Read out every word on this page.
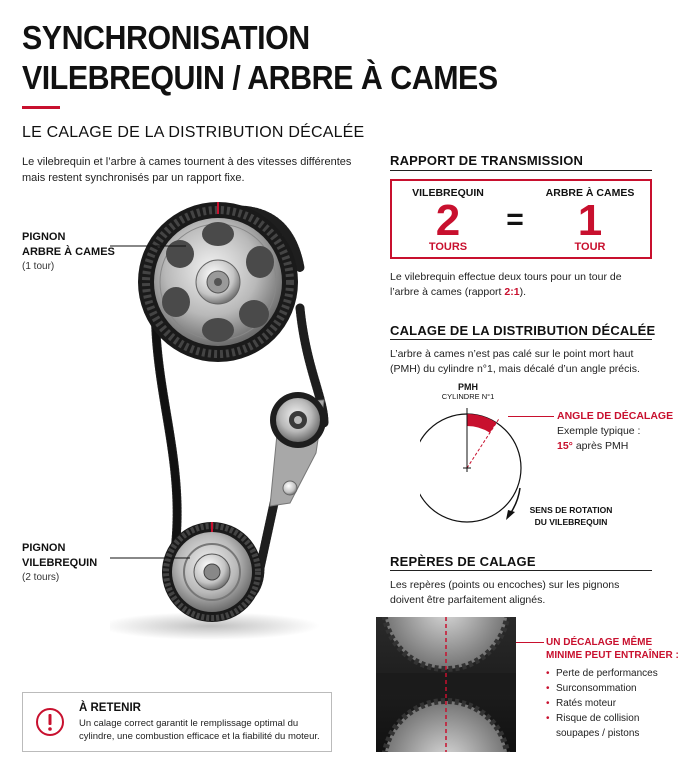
SYNCHRONISATION
VILEBREQUIN / ARBRE À CAMES
LE CALAGE DE LA DISTRIBUTION DÉCALÉE
Le vilebrequin et l’arbre à cames tournent à des vitesses différentes mais restent synchronisés par un rapport fixe.
PIGNON
ARBRE À CAMES
(1 tour)
PIGNON
VILEBREQUIN
(2 tours)
RAPPORT DE TRANSMISSION
VILEBREQUIN
2
TOURS
=
ARBRE À CAMES
1
TOUR
Le vilebrequin effectue deux tours pour un tour de l’arbre à cames (rapport 2:1).
CALAGE DE LA DISTRIBUTION DÉCALÉE
L’arbre à cames n’est pas calé sur le point mort haut (PMH) du cylindre n°1, mais décalé d’un angle précis.
PMH
CYLINDRE N°1
ANGLE DE DÉCALAGE
Exemple typique :
15° après PMH
SENS DE ROTATION
DU VILEBREQUIN
REPÈRES DE CALAGE
Les repères (points ou encoches) sur les pignons doivent être parfaitement alignés.
UN DÉCALAGE MÊME
MINIME PEUT ENTRAÎNER :
• Perte de performances
• Surconsommation
• Ratés moteur
• Risque de collision soupapes / pistons
À RETENIR
Un calage correct garantit le remplissage optimal du cylindre, une combustion efficace et la fiabilité du moteur.
